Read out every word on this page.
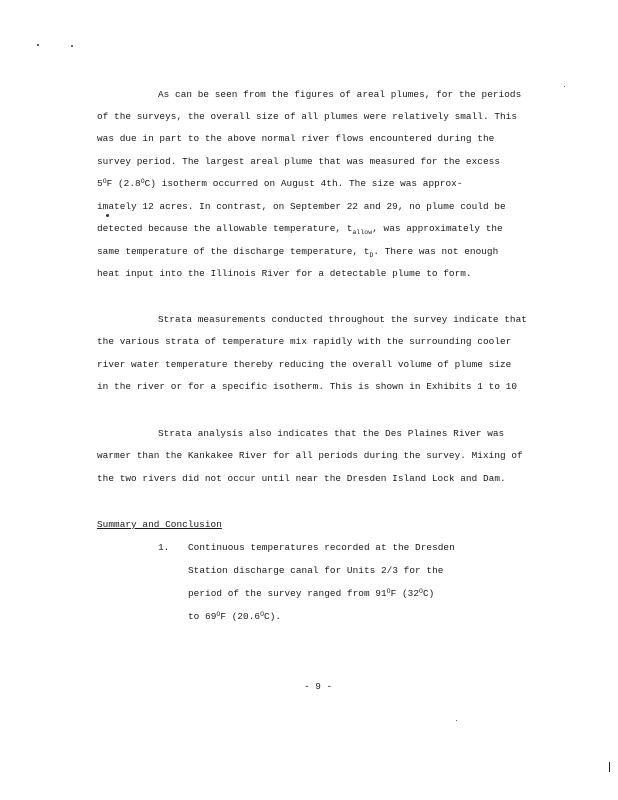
As can be seen from the figures of areal plumes, for the periods
of the surveys, the overall size of all plumes were relatively small. This
was due in part to the above normal river flows encountered during the
survey period. The largest areal plume that was measured for the excess
$5^OF$ $(2.8^OC)$ isotherm occurred on August 4th. The size was approx-
imately 12 acres. In contrast, on September 22 and 29, no plume could be
detected because the allowable temperature, $t_{allow}$, was approximately the
same temperature of the discharge temperature, $t_D$. There was not enough
heat input into the Illinois River for a detectable plume to form.
Strata measurements conducted throughout the survey indicate that
the various strata of temperature mix rapidly with the surrounding cooler
river water temperature thereby reducing the overall volume of plume size
in the river or for a specific isotherm. This is shown in Exhibits 1 to 10
Strata analysis also indicates that the Des Plaines River was
warmer than the Kankakee River for all periods during the survey. Mixing of
the two rivers did not occur until near the Dresden Island Lock and Dam.
Summary and Conclusion
1. Continuous temperatures recorded at the Dresden
Station discharge canal for Units 2/3 for the
period of the survey ranged from $91^OF$ $(32^OC)$
to $69^OF$ $(20.6^OC)$.
- 9 -
